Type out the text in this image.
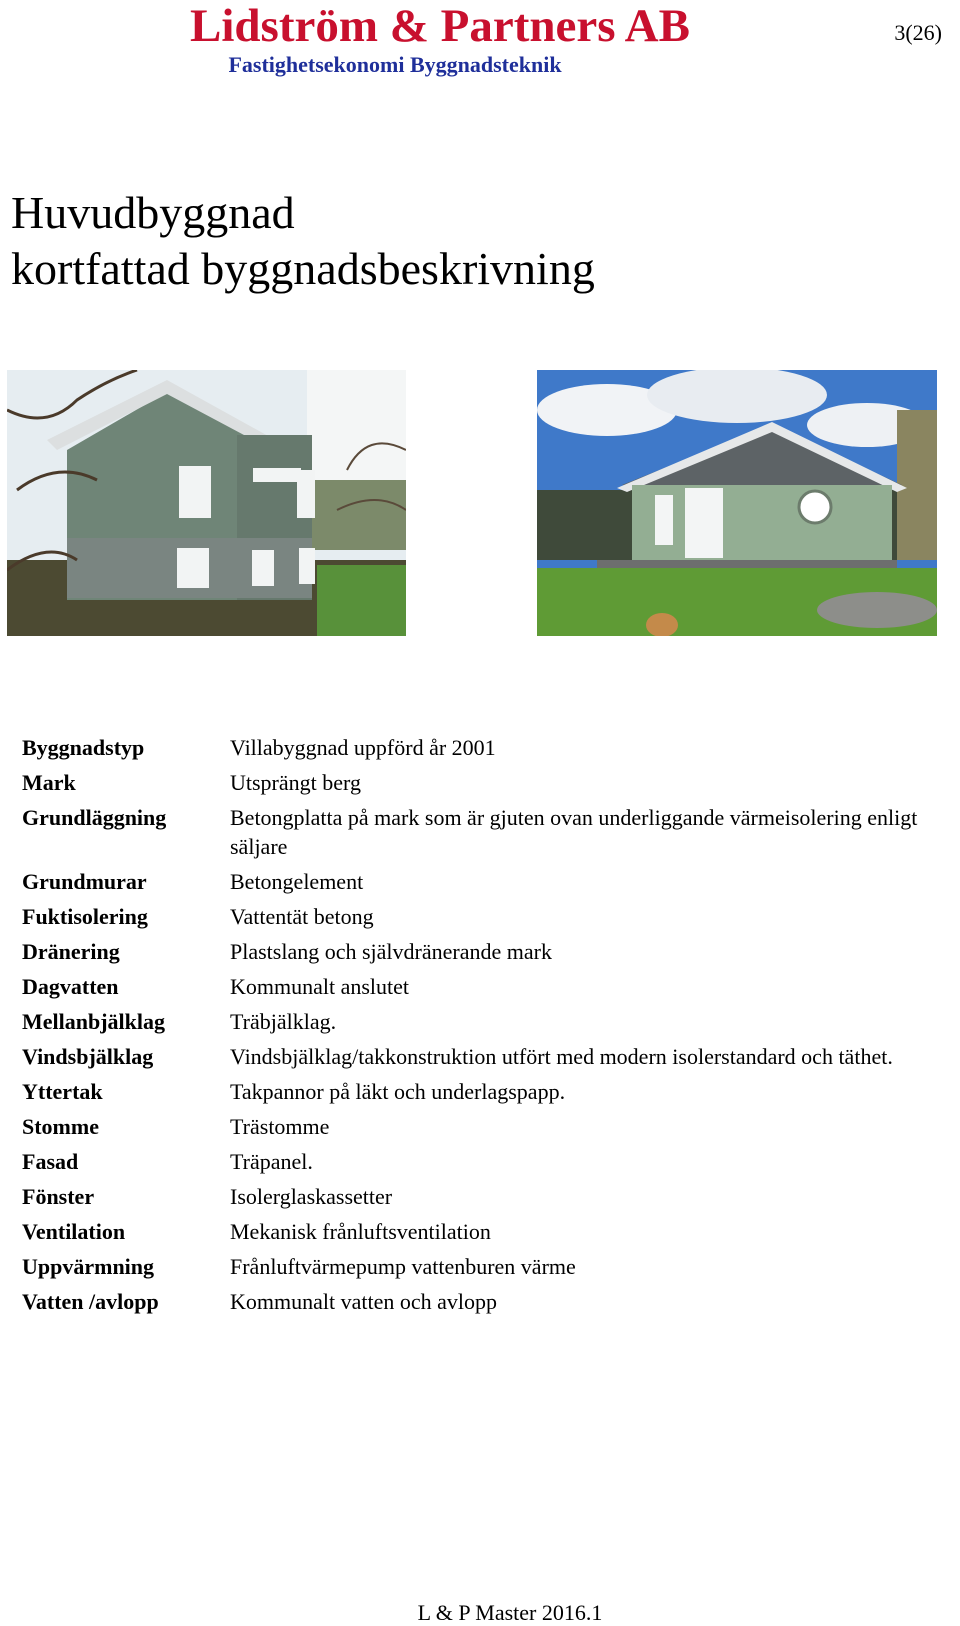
Lidström & Partners AB
Fastighetsekonomi Byggnadsteknik
3(26)
Huvudbyggnad
kortfattad byggnadsbeskrivning
Byggnadstyp	Villabyggnad uppförd år 2001
Mark	Utsprängt berg
Grundläggning	Betongplatta på mark som är gjuten ovan underliggande värmeisolering enligt säljare
Grundmurar	Betongelement
Fuktisolering	Vattentät betong
Dränering	Plastslang och självdränerande mark
Dagvatten	Kommunalt anslutet
Mellanbjälklag	Träbjälklag.
Vindsbjälklag	Vindsbjälklag/takkonstruktion utfört med modern isolerstandard och täthet.
Yttertak	Takpannor på läkt och underlagspapp.
Stomme	Trästomme
Fasad	Träpanel.
Fönster	Isolerglaskassetter
Ventilation	Mekanisk frånluftsventilation
Uppvärmning	Frånluftvärmepump vattenburen värme
Vatten /avlopp	Kommunalt vatten och avlopp
L & P Master 2016.1
